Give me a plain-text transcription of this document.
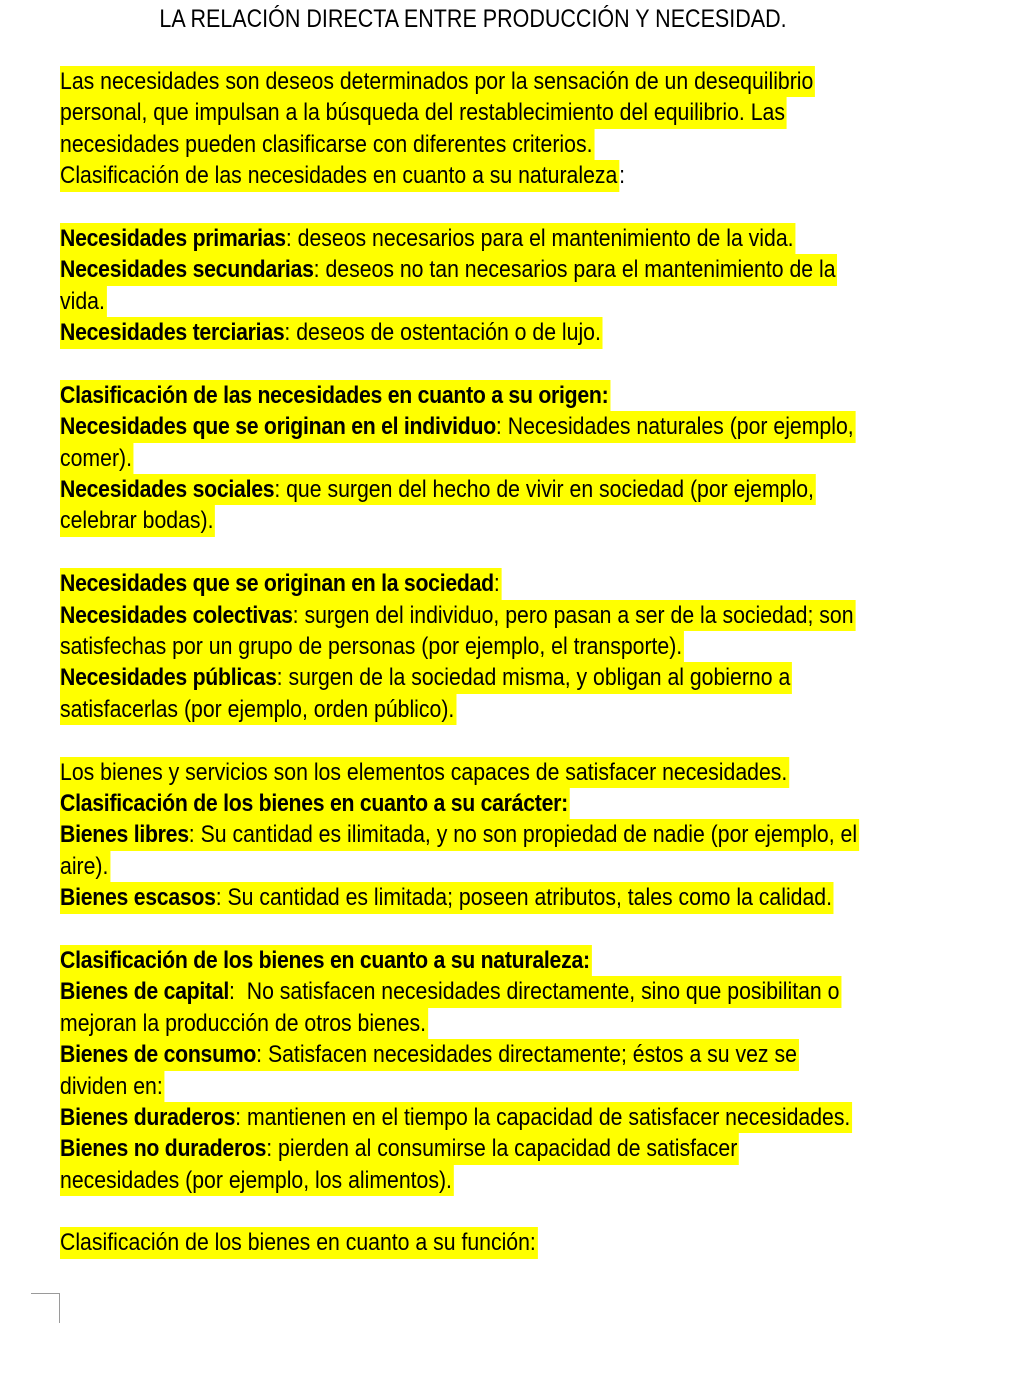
LA RELACIÓN DIRECTA ENTRE PRODUCCIÓN Y NECESIDAD.
Las necesidades son deseos determinados por la sensación de un desequilibrio
personal, que impulsan a la búsqueda del restablecimiento del equilibrio. Las
necesidades pueden clasificarse con diferentes criterios.
Clasificación de las necesidades en cuanto a su naturaleza:
Necesidades primarias: deseos necesarios para el mantenimiento de la vida.
Necesidades secundarias: deseos no tan necesarios para el mantenimiento de la
vida.
Necesidades terciarias: deseos de ostentación o de lujo.
Clasificación de las necesidades en cuanto a su origen:
Necesidades que se originan en el individuo: Necesidades naturales (por ejemplo,
comer).
Necesidades sociales: que surgen del hecho de vivir en sociedad (por ejemplo,
celebrar bodas).
Necesidades que se originan en la sociedad:
Necesidades colectivas: surgen del individuo, pero pasan a ser de la sociedad; son
satisfechas por un grupo de personas (por ejemplo, el transporte).
Necesidades públicas: surgen de la sociedad misma, y obligan al gobierno a
satisfacerlas (por ejemplo, orden público).
Los bienes y servicios son los elementos capaces de satisfacer necesidades.
Clasificación de los bienes en cuanto a su carácter:
Bienes libres: Su cantidad es ilimitada, y no son propiedad de nadie (por ejemplo, el
aire).
Bienes escasos: Su cantidad es limitada; poseen atributos, tales como la calidad.
Clasificación de los bienes en cuanto a su naturaleza:
Bienes de capital:  No satisfacen necesidades directamente, sino que posibilitan o
mejoran la producción de otros bienes.
Bienes de consumo: Satisfacen necesidades directamente; éstos a su vez se
dividen en:
Bienes duraderos: mantienen en el tiempo la capacidad de satisfacer necesidades.
Bienes no duraderos: pierden al consumirse la capacidad de satisfacer
necesidades (por ejemplo, los alimentos).
Clasificación de los bienes en cuanto a su función:
